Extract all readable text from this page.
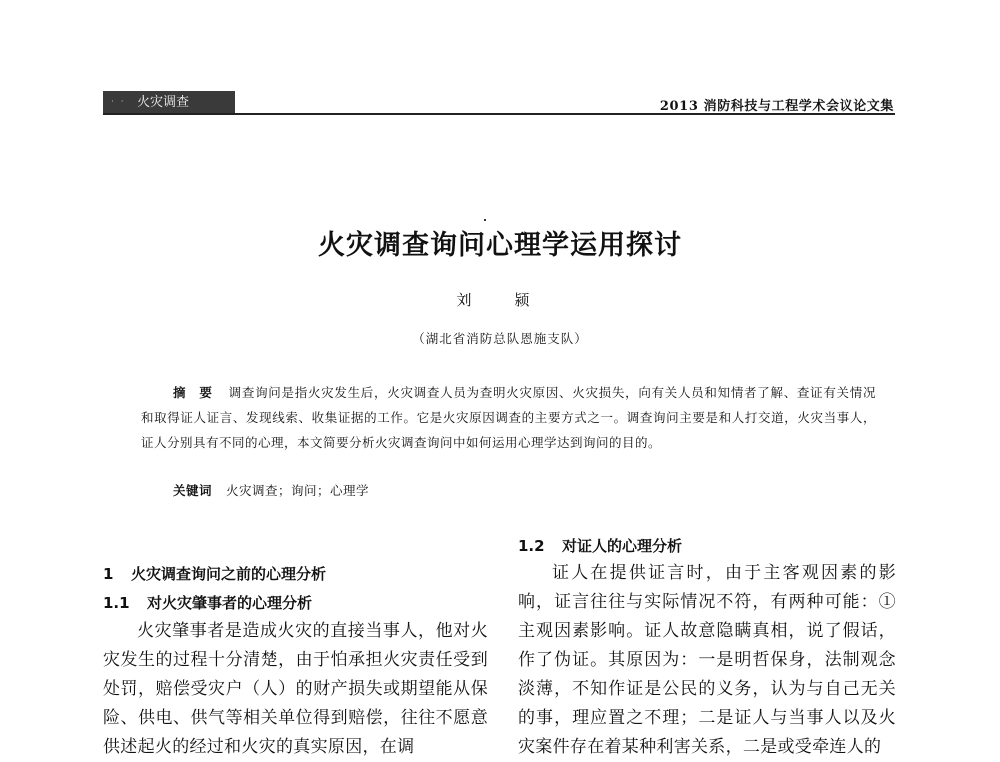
· · 火灾调查	2013 消防科技与工程学术会议论文集
火灾调查询问心理学运用探讨
刘　颍
（湖北省消防总队恩施支队）
摘　要 调查询问是指火灾发生后，火灾调查人员为查明火灾原因、火灾损失，向有关人员和知情者了解、查证有关情况和取得证人证言、发现线索、收集证据的工作。它是火灾原因调查的主要方式之一。调查询问主要是和人打交道，火灾当事人，证人分别具有不同的心理，本文简要分析火灾调查询问中如何运用心理学达到询问的目的。
关键词 火灾调查；询问；心理学
1 火灾调查询问之前的心理分析
1.1 对火灾肇事者的心理分析
火灾肇事者是造成火灾的直接当事人，他对火灾发生的过程十分清楚，由于怕承担火灾责任受到处罚，赔偿受灾户（人）的财产损失或期望能从保险、供电、供气等相关单位得到赔偿，往往不愿意供述起火的经过和火灾的真实原因，在调
1.2 对证人的心理分析
证人在提供证言时，由于主客观因素的影响，证言往往与实际情况不符，有两种可能：①主观因素影响。证人故意隐瞒真相，说了假话，作了伪证。其原因为：一是明哲保身，法制观念淡薄，不知作证是公民的义务，认为与自己无关的事，理应置之不理；二是证人与当事人以及火灾案件存在着某种利害关系，二是或受牵连人的
